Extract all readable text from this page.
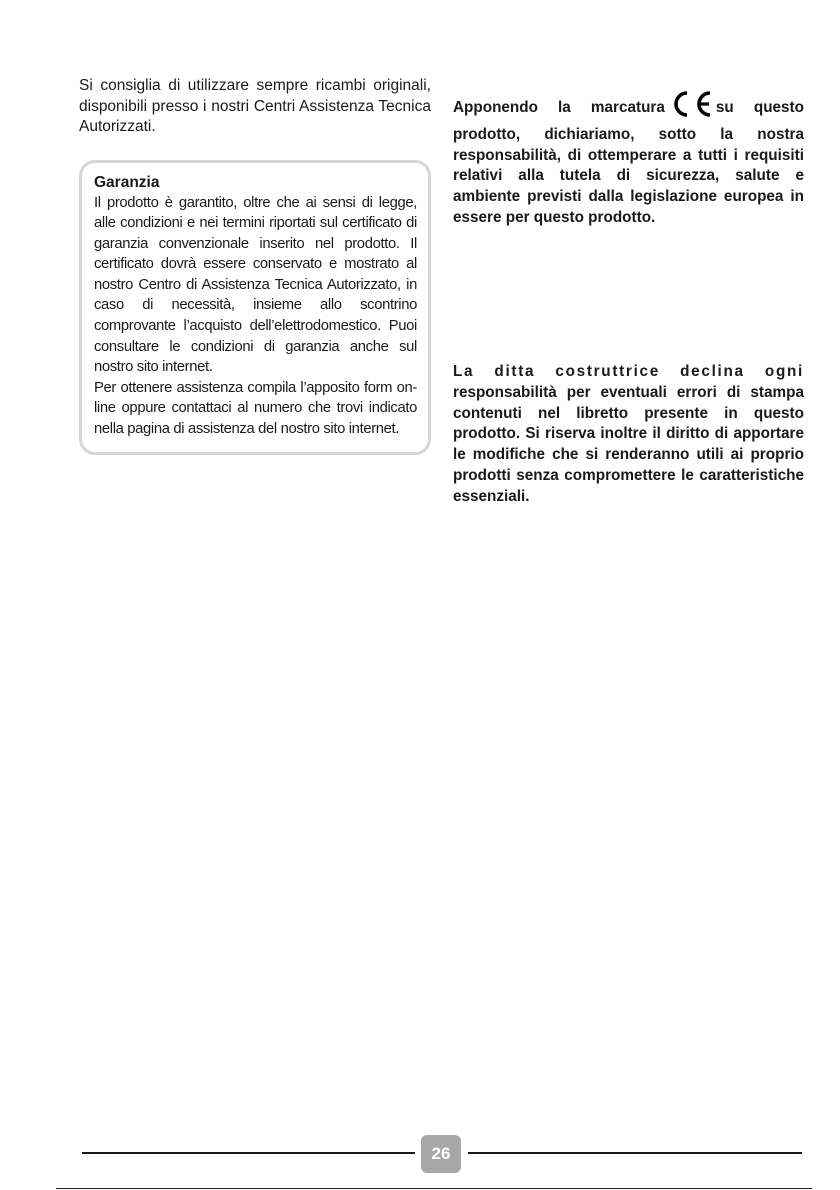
Si consiglia di utilizzare sempre ricambi originali, disponibili presso i nostri Centri Assistenza Tecnica Autorizzati.

Garanzia

Il prodotto è garantito, oltre che ai sensi di legge, alle condizioni e nei termini riportati sul certificato di garanzia convenzionale inserito nel prodotto. Il certificato dovrà essere conservato e mostrato al nostro Centro di Assistenza Tecnica Autorizzato, in caso di necessità, insieme allo scontrino comprovante l’acquisto dell’elettrodomestico. Puoi consultare le condizioni di garanzia anche sul nostro sito internet.

Per ottenere assistenza compila l’apposito form on-line oppure contattaci al numero che trovi indicato nella pagina di assistenza del nostro sito internet.

Apponendo la marcatura	su questo prodotto, dichiariamo, sotto la nostra responsabilità, di ottemperare a tutti i requisiti relativi alla tutela di sicurezza, salute e ambiente previsti dalla legislazione europea in essere per questo prodotto.

La ditta costruttrice declina ogni responsabilità per eventuali errori di stampa contenuti nel libretto presente in questo prodotto. Si riserva inoltre il diritto di apportare le modifiche che si renderanno utili ai proprio prodotti senza compromettere le caratteristiche essenziali.

26
